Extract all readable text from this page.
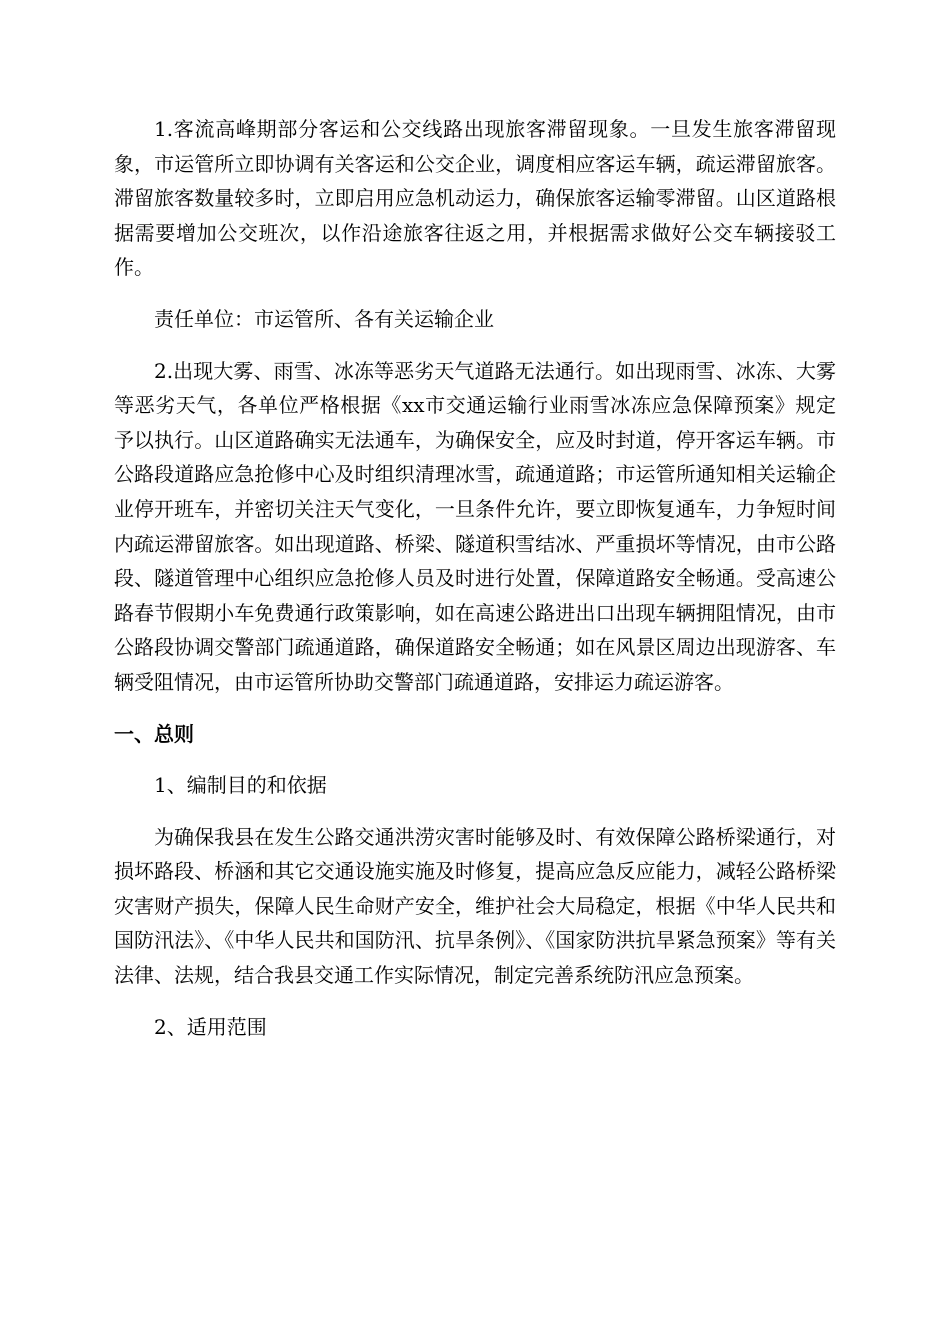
1.客流高峰期部分客运和公交线路出现旅客滞留现象。一旦发生旅客滞留现象，市运管所立即协调有关客运和公交企业，调度相应客运车辆，疏运滞留旅客。滞留旅客数量较多时，立即启用应急机动运力，确保旅客运输零滞留。山区道路根据需要增加公交班次，以作沿途旅客往返之用，并根据需求做好公交车辆接驳工作。

责任单位：市运管所、各有关运输企业

2.出现大雾、雨雪、冰冻等恶劣天气道路无法通行。如出现雨雪、冰冻、大雾等恶劣天气，各单位严格根据《xx市交通运输行业雨雪冰冻应急保障预案》规定予以执行。山区道路确实无法通车，为确保安全，应及时封道，停开客运车辆。市公路段道路应急抢修中心及时组织清理冰雪，疏通道路；市运管所通知相关运输企业停开班车，并密切关注天气变化，一旦条件允许，要立即恢复通车，力争短时间内疏运滞留旅客。如出现道路、桥梁、隧道积雪结冰、严重损坏等情况，由市公路段、隧道管理中心组织应急抢修人员及时进行处置，保障道路安全畅通。受高速公路春节假期小车免费通行政策影响，如在高速公路进出口出现车辆拥阻情况，由市公路段协调交警部门疏通道路，确保道路安全畅通；如在风景区周边出现游客、车辆受阻情况，由市运管所协助交警部门疏通道路，安排运力疏运游客。

一、总则

1、编制目的和依据

为确保我县在发生公路交通洪涝灾害时能够及时、有效保障公路桥梁通行，对损坏路段、桥涵和其它交通设施实施及时修复，提高应急反应能力，减轻公路桥梁灾害财产损失，保障人民生命财产安全，维护社会大局稳定，根据《中华人民共和国防汛法》、《中华人民共和国防汛、抗旱条例》、《国家防洪抗旱紧急预案》等有关法律、法规，结合我县交通工作实际情况，制定完善系统防汛应急预案。

2、适用范围
